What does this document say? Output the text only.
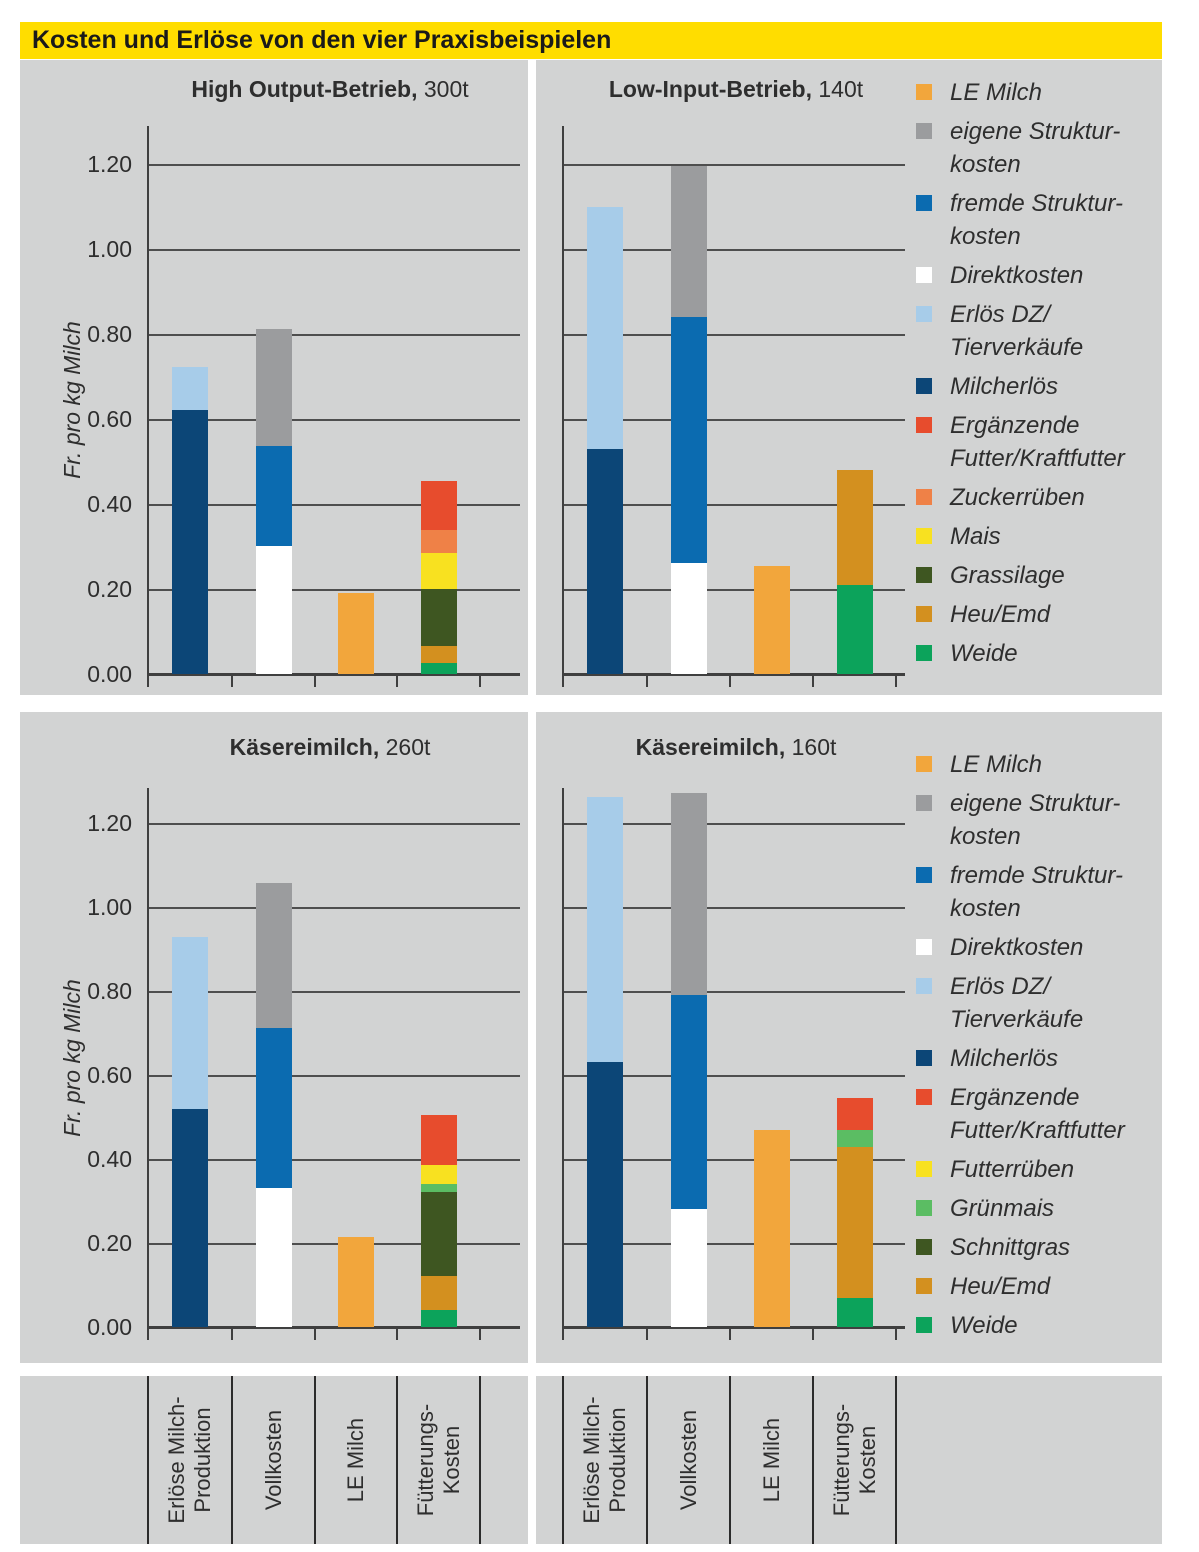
Kosten und Erlöse von den vier Praxisbeispielen
High Output-Betrieb, 300t
0.00
0.20
0.40
0.60
0.80
1.00
1.20
Fr. pro kg Milch
Low-Input-Betrieb, 140t	LE Milch
eigene Struktur-
kosten
fremde Struktur-
kosten
Direktkosten
Erlös DZ/
Tierverkäufe
Milcherlös
Ergänzende
Futter/Kraftfutter
Zuckerrüben
Mais
Grassilage
Heu/Emd
Weide
Käsereimilch, 260t
0.00
0.20
0.40
0.60
0.80
1.00
1.20
Fr. pro kg Milch
Käsereimilch, 160t
LE Milch
eigene Struktur-
kosten
fremde Struktur-
kosten
Direktkosten
Erlös DZ/
Tierverkäufe
Milcherlös
Ergänzende
Futter/Kraftfutter
Futterrüben
Grünmais
Schnittgras
Heu/Emd
Weide
Erlöse Milch- Produktion Vollkosten	LE Milch Fütterungs- Kosten	Erlöse Milch- Produktion Vollkosten	LE Milch Fütterungs- Kosten
